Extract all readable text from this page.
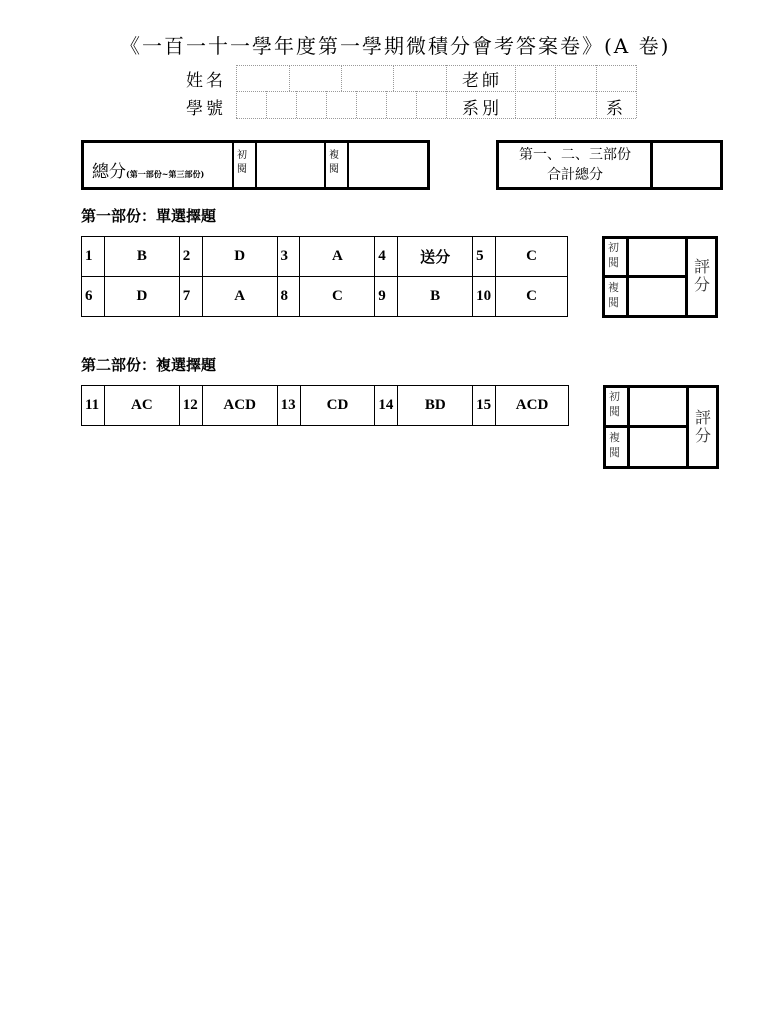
《一百一十一學年度第一學期微積分會考答案卷》(A 卷)
姓名
學號
老師
系別	系
總分(第一部份~第三部份)
初閱
複閱
第一、二、三部份
合計總分
第一部份：單選擇題
1	B	2	D	3	A	4	送分	5	C
6	D	7	A	8	C	9	B	10	C
初閱
複閱
評分
第二部份：複選擇題
11	AC	12	ACD	13	CD	14	BD	15	ACD
初閱
複閱
評分
